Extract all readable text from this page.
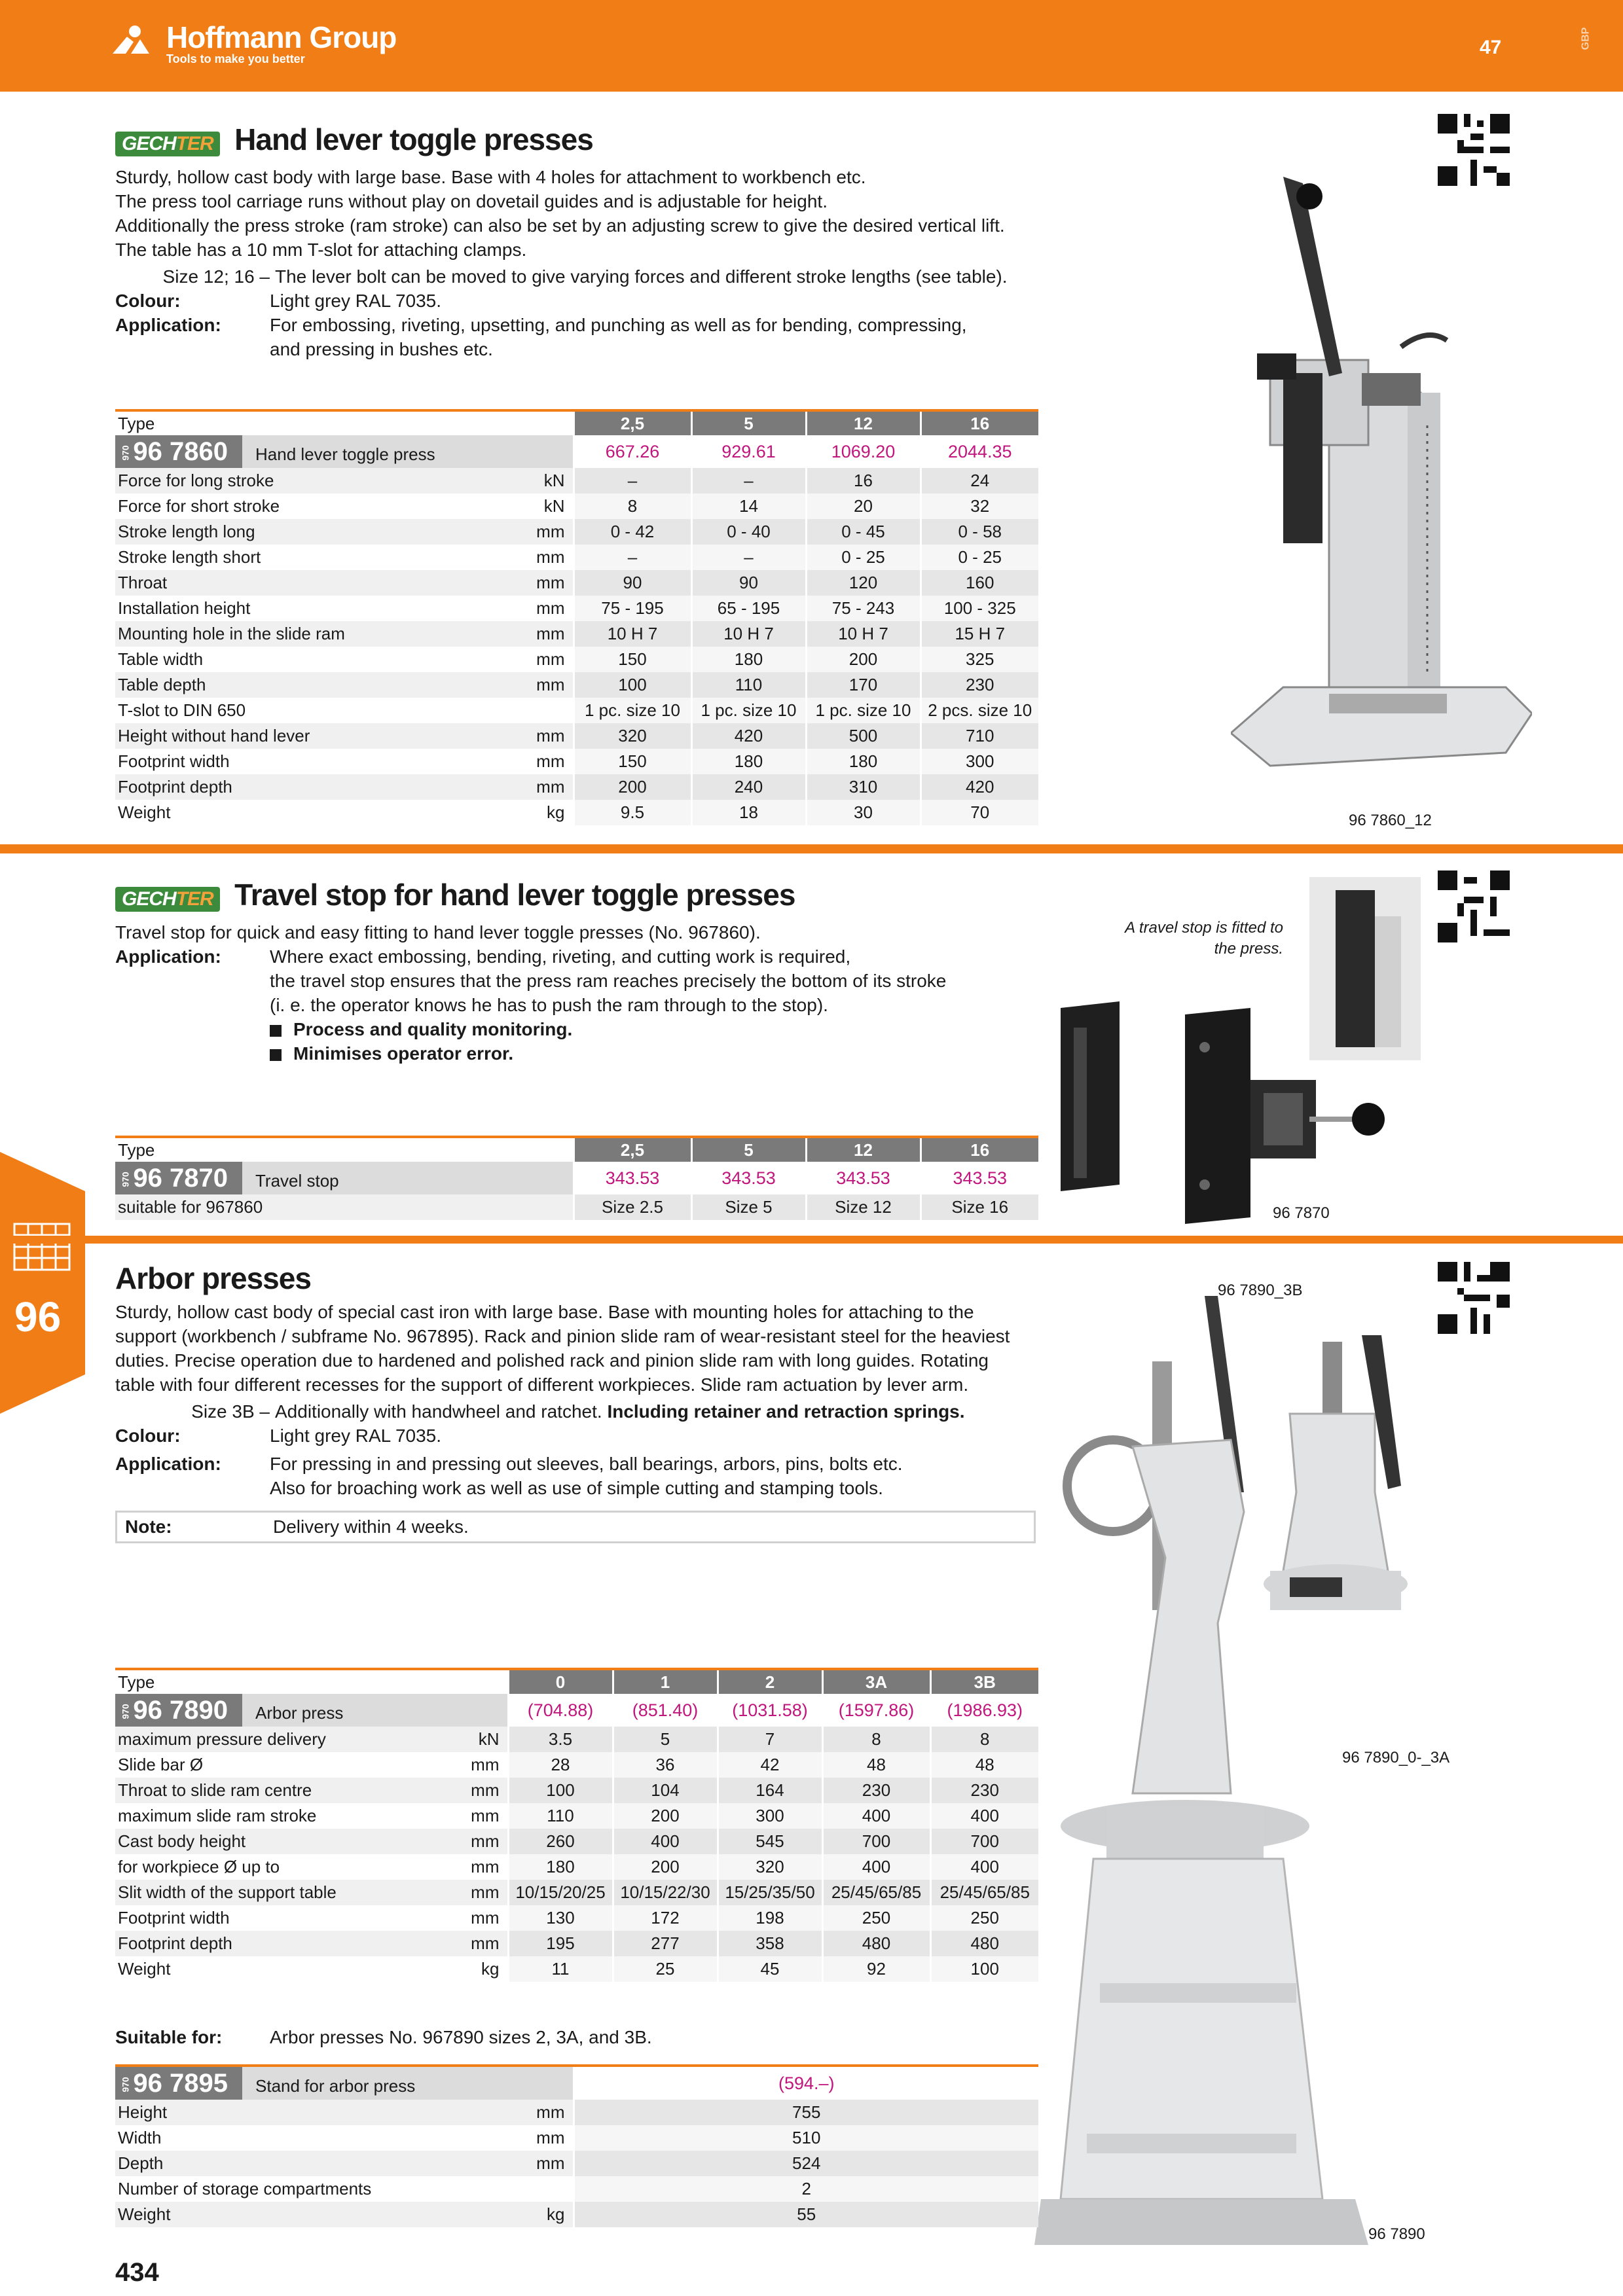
Hoffmann Group
Tools to make you better
47	GBP
96
GECHTER Hand lever toggle presses
Sturdy, hollow cast body with large base. Base with 4 holes for attachment to workbench etc.
The press tool carriage runs without play on dovetail guides and is adjustable for height.
Additionally the press stroke (ram stroke) can also be set by an adjusting screw to give the desired vertical lift.
The table has a 10 mm T-slot for attaching clamps.
Size 12; 16 – The lever bolt can be moved to give varying forces and different stroke lengths (see table).
Colour:	Light grey RAL 7035.
Application:	For embossing, riveting, upsetting, and punching as well as for bending, compressing,
and pressing in bushes etc.
96 7860_12
Type	2,5	5	12	16
97096 7860 Hand lever toggle press	667.26	929.61	1069.20	2044.35
Force for long stroke kN	–	–	16	24
Force for short stroke kN	8	14	20	32
Stroke length long mm	0 - 42	0 - 40	0 - 45	0 - 58
Stroke length short mm	–	–	0 - 25	0 - 25
Throat mm	90	90	120	160
Installation height mm	75 - 195	65 - 195	75 - 243	100 - 325
Mounting hole in the slide ram mm	10 H 7	10 H 7	10 H 7	15 H 7
Table width mm	150	180	200	325
Table depth mm	100	110	170	230
T-slot to DIN 650	1 pc. size 10	1 pc. size 10	1 pc. size 10	2 pcs. size 10
Height without hand lever mm	320	420	500	710
Footprint width mm	150	180	180	300
Footprint depth mm	200	240	310	420
Weight kg	9.5	18	30	70
GECHTER Travel stop for hand lever toggle presses
Travel stop for quick and easy fitting to hand lever toggle presses (No. 967860).
Application:	Where exact embossing, bending, riveting, and cutting work is required,
the travel stop ensures that the press ram reaches precisely the bottom of its stroke
(i. e. the operator knows he has to push the ram through to the stop).
Process and quality monitoring.
Minimises operator error.
A travel stop is fitted to
the press.
96 7870
Type	2,5	5	12	16
97096 7870 Travel stop	343.53	343.53	343.53	343.53
suitable for 967860	Size 2.5	Size 5	Size 12	Size 16
Arbor presses
Sturdy, hollow cast body of special cast iron with large base. Base with mounting holes for attaching to the
support (workbench / subframe No. 967895). Rack and pinion slide ram of wear-resistant steel for the heaviest
duties. Precise operation due to hardened and polished rack and pinion slide ram with long guides. Rotating
table with four different recesses for the support of different workpieces. Slide ram actuation by lever arm.
Size 3B – Additionally with handwheel and ratchet. Including retainer and retraction springs.
Colour:	Light grey RAL 7035.
Application:	For pressing in and pressing out sleeves, ball bearings, arbors, pins, bolts etc.
Also for broaching work as well as use of simple cutting and stamping tools.
Note:	Delivery within 4 weeks.
96 7890_3B
96 7890_0-_3A
96 7890
Type	0	1	2	3A	3B
97096 7890 Arbor press	(704.88)	(851.40)	(1031.58)	(1597.86)	(1986.93)
maximum pressure delivery kN	3.5	5	7	8	8
Slide bar Ø mm	28	36	42	48	48
Throat to slide ram centre mm	100	104	164	230	230
maximum slide ram stroke mm	110	200	300	400	400
Cast body height mm	260	400	545	700	700
for workpiece Ø up to mm	180	200	320	400	400
Slit width of the support table mm	10/15/20/25	10/15/22/30	15/25/35/50	25/45/65/85	25/45/65/85
Footprint width mm	130	172	198	250	250
Footprint depth mm	195	277	358	480	480
Weight kg	11	25	45	92	100
Suitable for:	Arbor presses No. 967890 sizes 2, 3A, and 3B.
97096 7895 Stand for arbor press	(594.–)
Height mm	755
Width mm	510
Depth mm	524
Number of storage compartments	2
Weight kg	55
434
